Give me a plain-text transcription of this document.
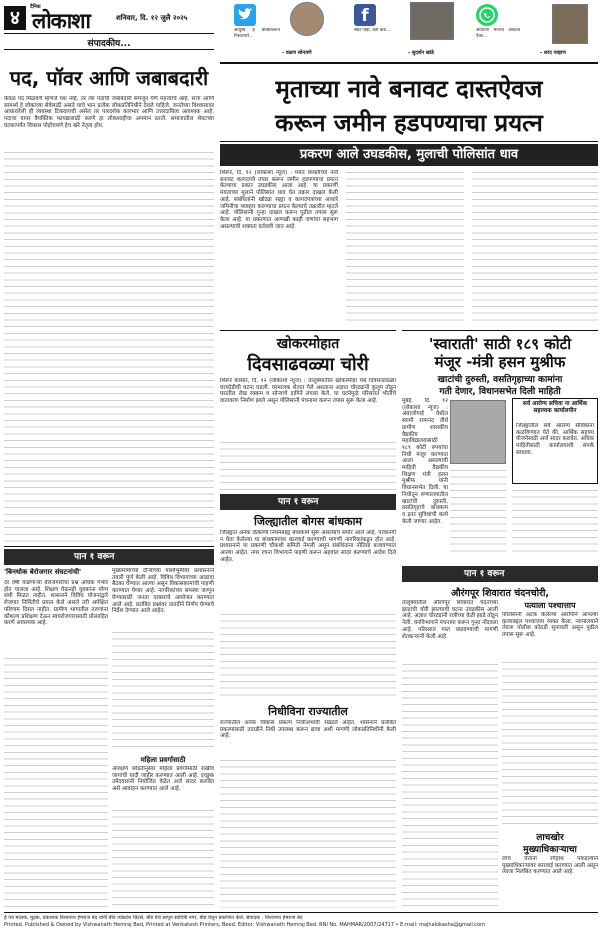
४	दैनिक
लोकाशा	शनिवार, दि. १२ जुलै २०२५
आयुष्य हे डोक्यावरून निसटणारे...
- वळण सोनवणे
f
स्वप्नं पाहा, कष्ट करा...
- सुदर्शन खांडे
आपल्या मनाचा आवाज ऐका...
- शरद चव्हाण
संपादकीय...
पद, पॉवर आणि जबाबदारी
केवळ पद मिळवणे म्हणजे यश नव्हे, तर त्या पदाची जबाबदारी समजून घेणे महत्त्वाचे आहे. सत्ता आणि सामर्थ्य हे लोकांच्या सेवेसाठी असते याचे भान प्रत्येक लोकप्रतिनिधीने ठेवले पाहिजे. जनतेच्या विश्वासावर आधारलेली ही व्यवस्था टिकवायची असेल तर पारदर्शक कारभार आणि उत्तरदायित्व आवश्यक आहे. पदाचा वापर वैयक्तिक फायद्यासाठी करणे हा लोकशाहीचा अपमान ठरतो. समाजातील शेवटच्या घटकापर्यंत विकास पोहोचवणे हेच खरे नेतृत्व होय.
पान १ वरून
'बिनधोक बेरोजगार संघटनांची'
दर वर्षी वाढणाऱ्या बेरोजगारीचा प्रश्न अधिक गंभीर होत चालला आहे. शिक्षण घेऊनही युवकांना योग्य संधी मिळत नाहीत. शासनाने विविध योजनांद्वारे रोजगार निर्मितीचे प्रयत्न केले असले तरी अपेक्षित परिणाम दिसत नाहीत. ग्रामीण भागातील तरुणांना कौशल्य प्रशिक्षण देऊन स्वयंरोजगारासाठी प्रोत्साहित करणे आवश्यक आहे.
मुख्यमंत्र्यांच्या दौऱ्याच्या पार्श्वभूमीवर प्रशासनाने तयारी पूर्ण केली आहे. विविध विभागांच्या आढावा बैठका घेण्यात आल्या असून विकासकामांची पाहणी करण्यात येणार आहे. नागरिकांच्या समस्या जाणून घेण्यासाठी जनता दरबाराचे आयोजन करण्यात आले आहे. प्रलंबित प्रश्नांवर तातडीने निर्णय घेण्याचे निर्देश देण्यात आले आहेत.
महिला प्रवर्गासाठी
आरक्षण सोडतीनुसार महिला प्रवर्गासाठी राखीव जागांची यादी जाहीर करण्यात आली आहे. इच्छुक उमेदवारांनी नियोजित वेळेत अर्ज सादर करावेत असे आवाहन करण्यात आले आहे.
मृताच्या नावे बनावट दास्तऐवज
करून जमीन हडपण्याचा प्रयत्न
प्रकरण आले उघडकीस, मुलाची पोलिसांत धाव
शिरूर, दि. १२ (लोकाशा न्यूज) : मयत व्यक्तीच्या नावे बनावट कागदपत्रे तयार करून जमीन हडपण्याचा प्रयत्न केल्याचा प्रकार उघडकीस आला आहे. या प्रकरणी मयताच्या मुलाने पोलिसांत धाव घेत तक्रार दाखल केली आहे. संबंधितांनी खोट्या सह्या व कागदपत्रांच्या आधारे जमिनीचा व्यवहार करण्याचा प्रयत्न केल्याचे तक्रारीत म्हटले आहे. पोलिसांनी गुन्हा दाखल करून पुढील तपास सुरू केला आहे. या प्रकरणात आणखी काही जणांचा सहभाग असल्याची शक्यता वर्तवली जात आहे.
खोकरमोहात
दिवसाढवळ्या चोरी
शिरूर कासार, दि. १२ (लोकाशा न्यूज) : तालुक्यातील खोकरमोहा येथे दिवसाढवळ्या घरफोडीची घटना घडली. घरमालक शेतात गेले असताना अज्ञात चोरट्यांनी कुलूप तोडून घरातील रोख रक्कम व सोन्याचे दागिने लंपास केले. या घटनेमुळे परिसरात भीतीचे वातावरण निर्माण झाले असून पोलिसांनी पंचनामा करून तपास सुरू केला आहे.
'स्वाराती' साठी १८९ कोटी
मंजूर -मंत्री हसन मुश्रीफ
खाटांची दुरुस्ती, वसतिगृहाच्या कामांना
गती देणार, विधानसभेत दिली माहिती
मुंबई, दि. १२ (लोकाशा न्यूज) : अंबाजोगाई येथील स्वामी रामानंद तीर्थ ग्रामीण शासकीय वैद्यकीय महाविद्यालयासाठी १८९ कोटी रुपयांचा निधी मंजूर करण्यात आला असल्याची माहिती वैद्यकीय शिक्षण मंत्री हसन मुश्रीफ यांनी विधानसभेत दिली. या निधीतून रुग्णालयातील खाटांची दुरुस्ती, वसतिगृहाचे बांधकाम व इतर सुविधांची कामे केली जाणार आहेत.
सर्व आरोग्य सचिवा ना आर्थिक सहाय्यक कार्यालयीन
जिल्ह्यातील सर्व आरोग्य सेविकांना कळविण्यात येते की, आर्थिक सहाय्य योजनेसाठी अर्ज सादर करावेत. अधिक माहितीसाठी कार्यालयाशी संपर्क साधावा.
पान १ वरून
जिल्ह्यातील बोगस बांधकाम
जिल्ह्यात अनेक ठिकाणी नियमबाह्य बांधकामे सुरू असल्याचे समोर आले आहे. परवानगी न घेता केलेल्या या बांधकामांवर कारवाई करण्याची मागणी नागरिकांकडून होत आहे. प्रशासनाने या प्रकरणी चौकशी समिती नेमली असून संबंधितांना नोटिसा बजावण्यात आल्या आहेत. नगर रचना विभागाने पाहणी करून अहवाल सादर करण्याचे आदेश दिले आहेत.
निधीविना राज्यातील
राज्यातील अनेक विकास प्रकल्प निधीअभावी रखडले आहेत. शासनाने प्रलंबित प्रकल्पांसाठी तातडीने निधी उपलब्ध करून द्यावा अशी मागणी लोकप्रतिनिधींनी केली आहे.
पान १ वरून
औरंगपूर शिवारात चंदनचोरी,
तालुक्यातील औरंगपूर शिवारात चंदनाच्या झाडांची चोरी झाल्याची घटना उघडकीस आली आहे. अज्ञात चोरट्यांनी रात्रीच्या वेळी झाडे तोडून नेली. वनविभागाने पंचनामा करून गुन्हा नोंदवला आहे. परिसरात गस्त वाढवण्याची मागणी शेतकऱ्यांनी केली आहे.
पत्याला पश्चात्ताप
पोलिसांनी अटक केलेल्या आरोपीने आपल्या कृत्याबद्दल पश्चात्ताप व्यक्त केला. न्यायालयाने त्याला पोलीस कोठडी सुनावली असून पुढील तपास सुरू आहे.
लाचखोर
मुख्याधिकाऱ्याचा
लाच घेताना रंगेहाथ पकडल्याने मुख्याधिकाऱ्यावर कारवाई करण्यात आली असून त्याला निलंबित करण्यात आले आहे.
हे पत्र मालक, मुद्रक, प्रकाशक विश्वनाथ हेमराज बेद यांनी बीड व्यंकटेश प्रिंटर्स, बीड येथे छापून सावित्री नगर, बीड येथून प्रकाशित केले. संपादक : विश्वनाथ हेमराज बेद
Printed, Published & Owned by Vishwanath Hemraj Bed, Printed at Venkatesh Printers, Beed. Editor: Vishwanath Hemraj Bed. RNI No. MAHMAR/2007/24717 • E-mail: majhalokasha@gmail.com
